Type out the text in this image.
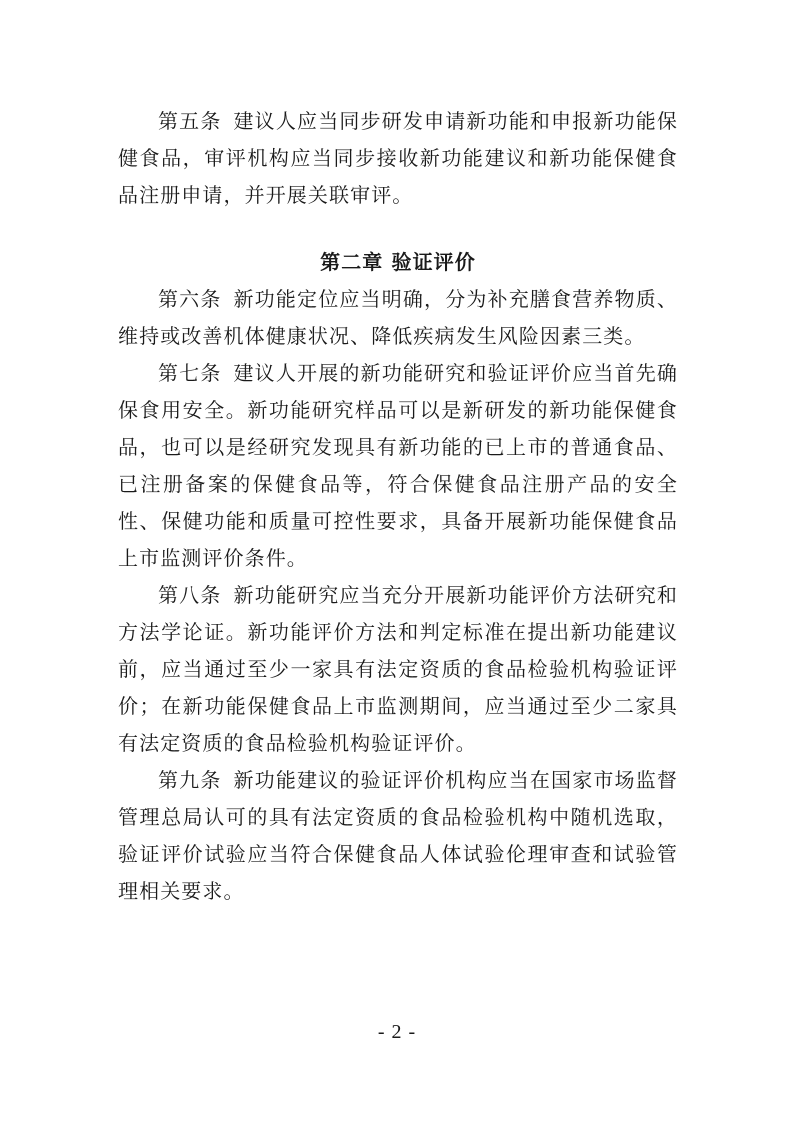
第五条 建议人应当同步研发申请新功能和申报新功能保健食品，审评机构应当同步接收新功能建议和新功能保健食品注册申请，并开展关联审评。

第二章 验证评价

第六条 新功能定位应当明确，分为补充膳食营养物质、维持或改善机体健康状况、降低疾病发生风险因素三类。

第七条 建议人开展的新功能研究和验证评价应当首先确保食用安全。新功能研究样品可以是新研发的新功能保健食品，也可以是经研究发现具有新功能的已上市的普通食品、已注册备案的保健食品等，符合保健食品注册产品的安全性、保健功能和质量可控性要求，具备开展新功能保健食品上市监测评价条件。

第八条 新功能研究应当充分开展新功能评价方法研究和方法学论证。新功能评价方法和判定标准在提出新功能建议前，应当通过至少一家具有法定资质的食品检验机构验证评价；在新功能保健食品上市监测期间，应当通过至少二家具有法定资质的食品检验机构验证评价。

第九条 新功能建议的验证评价机构应当在国家市场监督管理总局认可的具有法定资质的食品检验机构中随机选取，验证评价试验应当符合保健食品人体试验伦理审查和试验管理相关要求。

- 2 -
